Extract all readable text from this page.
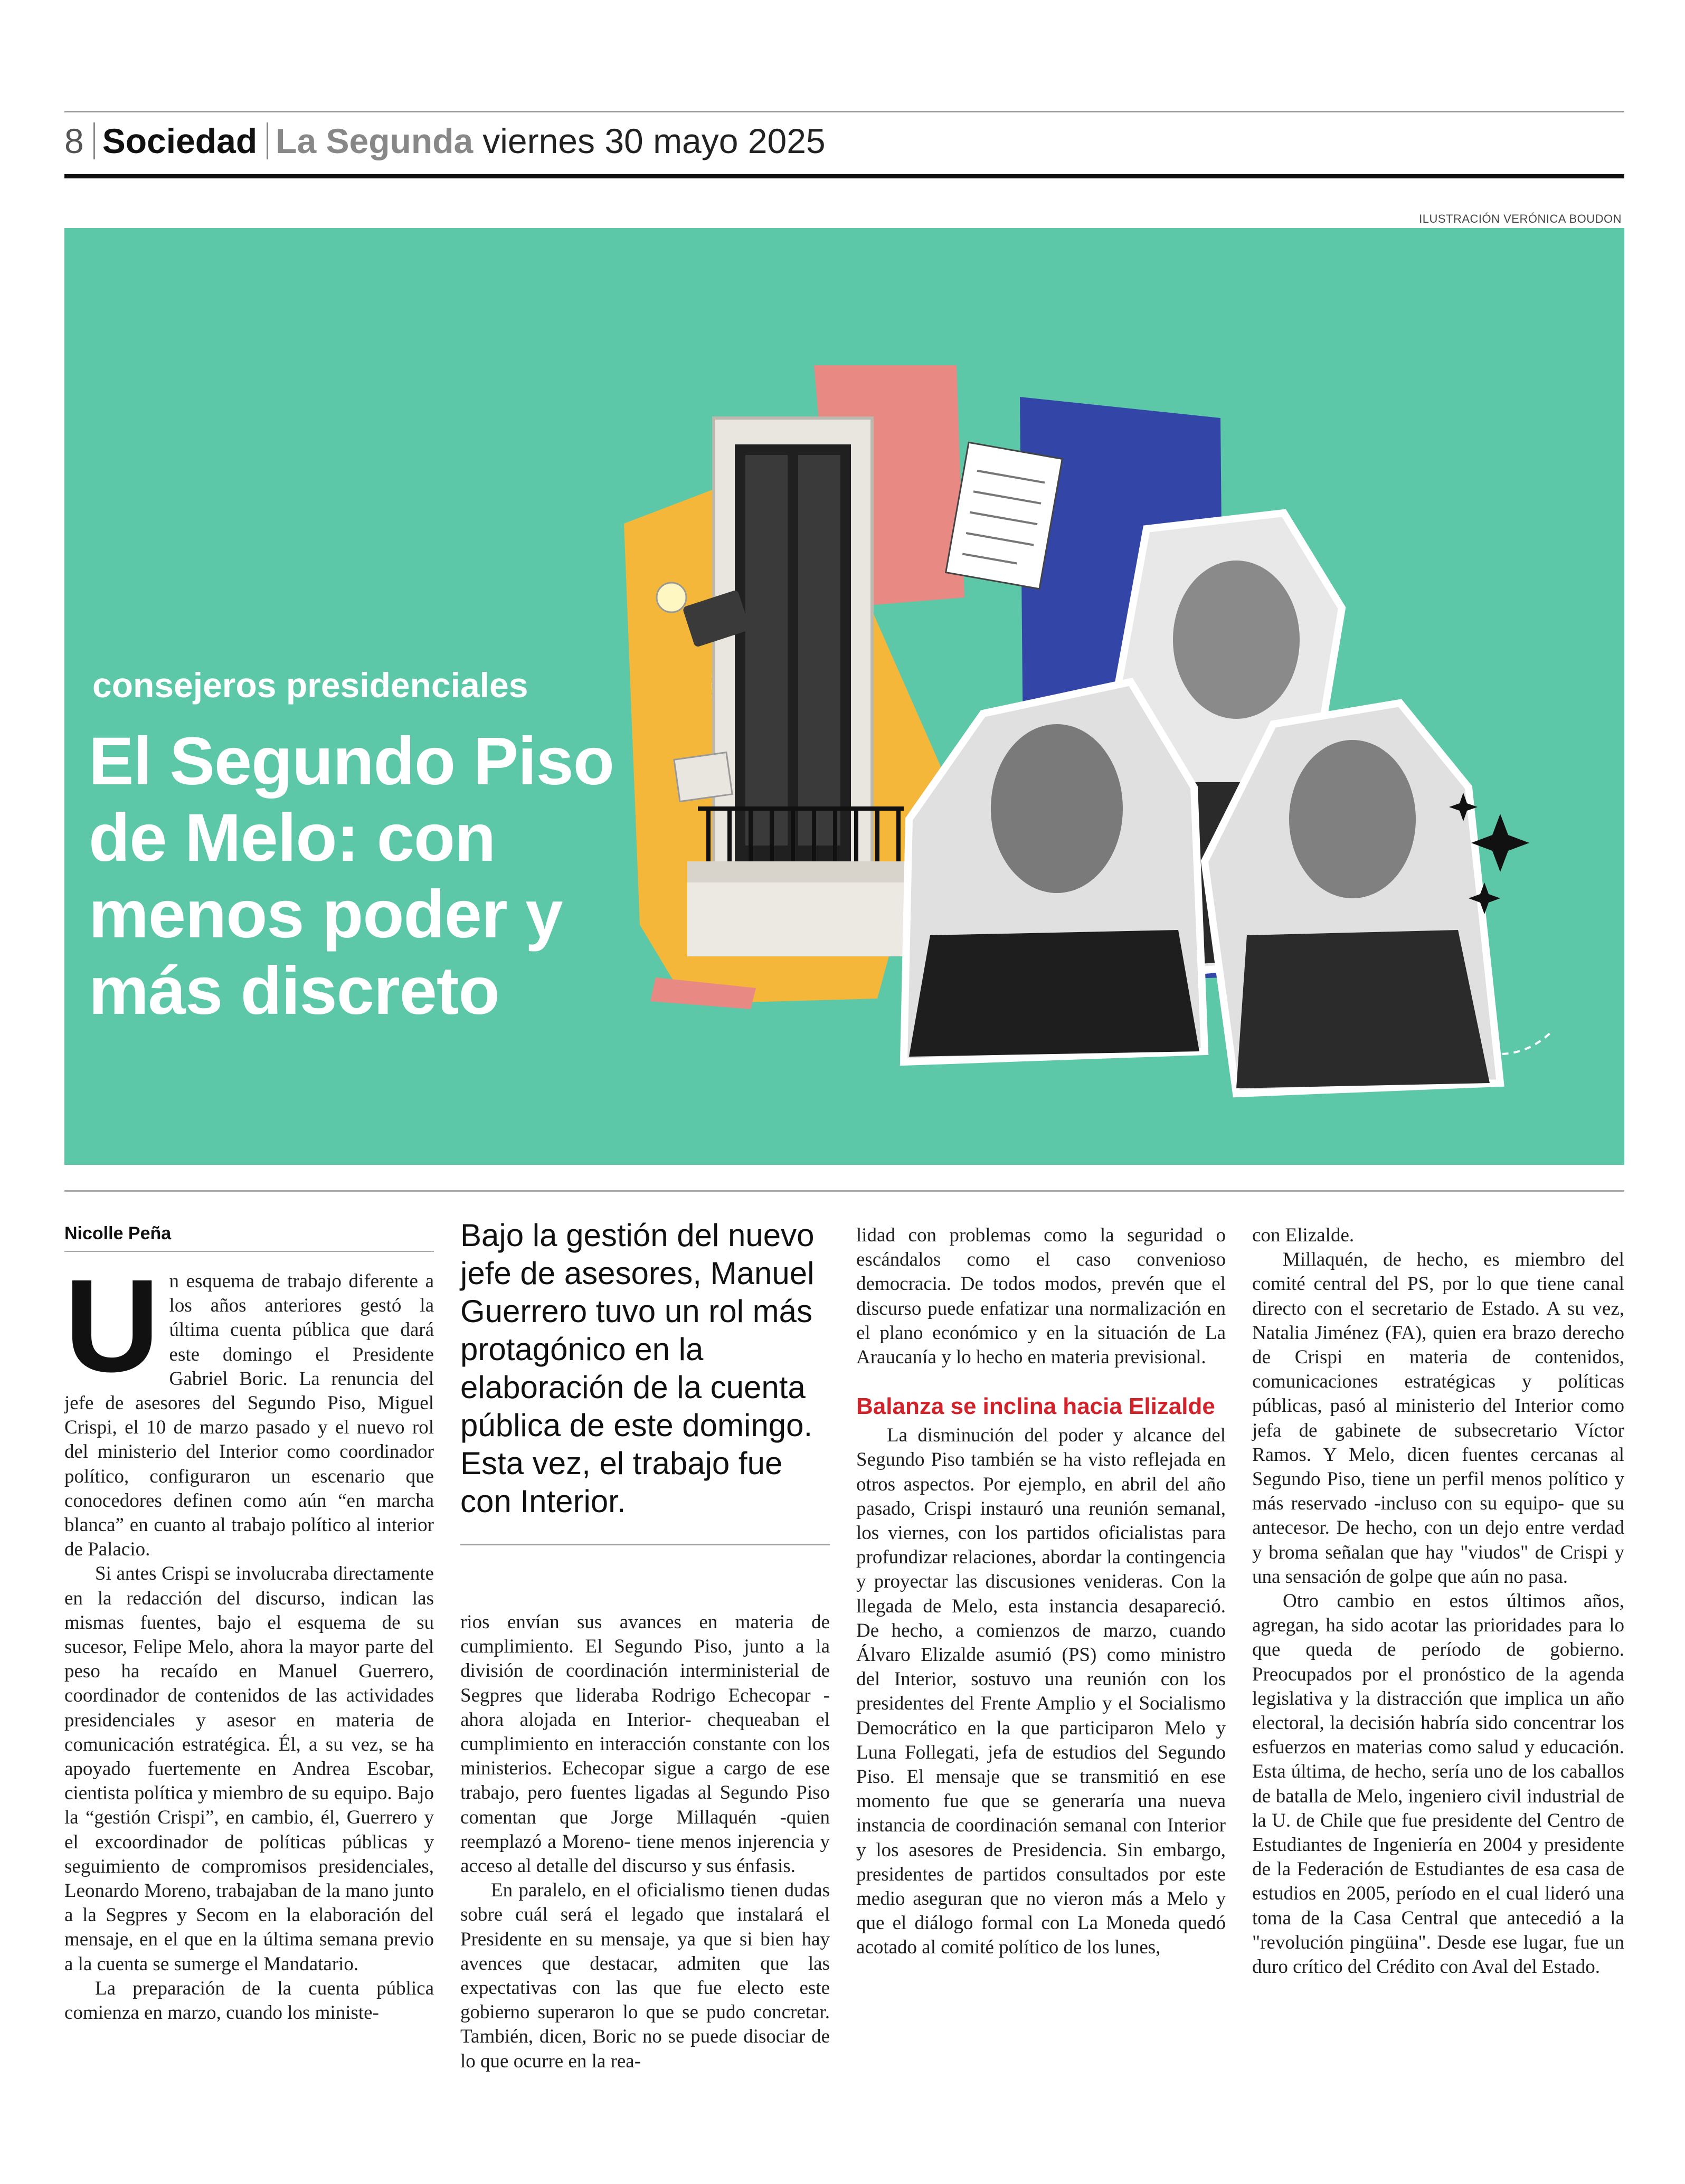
8 Sociedad La Segunda viernes 30 mayo 2025
ILUSTRACIÓN VERÓNICA BOUDON
consejeros presidenciales
El Segundo Piso de Melo: con menos poder y más discreto
Nicolle Peña

Un esquema de trabajo diferente a los años anteriores gestó la última cuenta pública que dará este domingo el Presidente Gabriel Boric. La renuncia del jefe de asesores del Segundo Piso, Miguel Crispi, el 10 de marzo pasado y el nuevo rol del ministerio del Interior como coordinador político, configuraron un escenario que conocedores definen como aún “en marcha blanca” en cuanto al trabajo político al interior de Palacio.

Si antes Crispi se involucraba directamente en la redacción del discurso, indican las mismas fuentes, bajo el esquema de su sucesor, Felipe Melo, ahora la mayor parte del peso ha recaído en Manuel Guerrero, coordinador de contenidos de las actividades presidenciales y asesor en materia de comunicación estratégica. Él, a su vez, se ha apoyado fuertemente en Andrea Escobar, cientista política y miembro de su equipo. Bajo la “gestión Crispi”, en cambio, él, Guerrero y el excoordinador de políticas públicas y seguimiento de compromisos presidenciales, Leonardo Moreno, trabajaban de la mano junto a la Segpres y Secom en la elaboración del mensaje, en el que en la última semana previo a la cuenta se sumerge el Mandatario.

La preparación de la cuenta pública comienza en marzo, cuando los ministe-

Bajo la gestión del nuevo jefe de asesores, Manuel Guerrero tuvo un rol más protagónico en la elaboración de la cuenta pública de este domingo. Esta vez, el trabajo fue con Interior.

rios envían sus avances en materia de cumplimiento. El Segundo Piso, junto a la división de coordinación interministerial de Segpres que lideraba Rodrigo Echecopar -ahora alojada en Interior- chequeaban el cumplimiento en interacción constante con los ministerios. Echecopar sigue a cargo de ese trabajo, pero fuentes ligadas al Segundo Piso comentan que Jorge Millaquén -quien reemplazó a Moreno- tiene menos injerencia y acceso al detalle del discurso y sus énfasis.

En paralelo, en el oficialismo tienen dudas sobre cuál será el legado que instalará el Presidente en su mensaje, ya que si bien hay avences que destacar, admiten que las expectativas con las que fue electo este gobierno superaron lo que se pudo concretar. También, dicen, Boric no se puede disociar de lo que ocurre en la rea-

lidad con problemas como la seguridad o escándalos como el caso convenioso democracia. De todos modos, prevén que el discurso puede enfatizar una normalización en el plano económico y en la situación de La Araucanía y lo hecho en materia previsional.

Balanza se inclina hacia Elizalde

La disminución del poder y alcance del Segundo Piso también se ha visto reflejada en otros aspectos. Por ejemplo, en abril del año pasado, Crispi instauró una reunión semanal, los viernes, con los partidos oficialistas para profundizar relaciones, abordar la contingencia y proyectar las discusiones venideras. Con la llegada de Melo, esta instancia desapareció. De hecho, a comienzos de marzo, cuando Álvaro Elizalde asumió (PS) como ministro del Interior, sostuvo una reunión con los presidentes del Frente Amplio y el Socialismo Democrático en la que participaron Melo y Luna Follegati, jefa de estudios del Segundo Piso. El mensaje que se transmitió en ese momento fue que se generaría una nueva instancia de coordinación semanal con Interior y los asesores de Presidencia. Sin embargo, presidentes de partidos consultados por este medio aseguran que no vieron más a Melo y que el diálogo formal con La Moneda quedó acotado al comité político de los lunes,

con Elizalde.

Millaquén, de hecho, es miembro del comité central del PS, por lo que tiene canal directo con el secretario de Estado. A su vez, Natalia Jiménez (FA), quien era brazo derecho de Crispi en materia de contenidos, comunicaciones estratégicas y políticas públicas, pasó al ministerio del Interior como jefa de gabinete de subsecretario Víctor Ramos. Y Melo, dicen fuentes cercanas al Segundo Piso, tiene un perfil menos político y más reservado -incluso con su equipo- que su antecesor. De hecho, con un dejo entre verdad y broma señalan que hay "viudos" de Crispi y una sensación de golpe que aún no pasa.

Otro cambio en estos últimos años, agregan, ha sido acotar las prioridades para lo que queda de período de gobierno. Preocupados por el pronóstico de la agenda legislativa y la distracción que implica un año electoral, la decisión habría sido concentrar los esfuerzos en materias como salud y educación. Esta última, de hecho, sería uno de los caballos de batalla de Melo, ingeniero civil industrial de la U. de Chile que fue presidente del Centro de Estudiantes de Ingeniería en 2004 y presidente de la Federación de Estudiantes de esa casa de estudios en 2005, período en el cual lideró una toma de la Casa Central que antecedió a la "revolución pingüina". Desde ese lugar, fue un duro crítico del Crédito con Aval del Estado.
